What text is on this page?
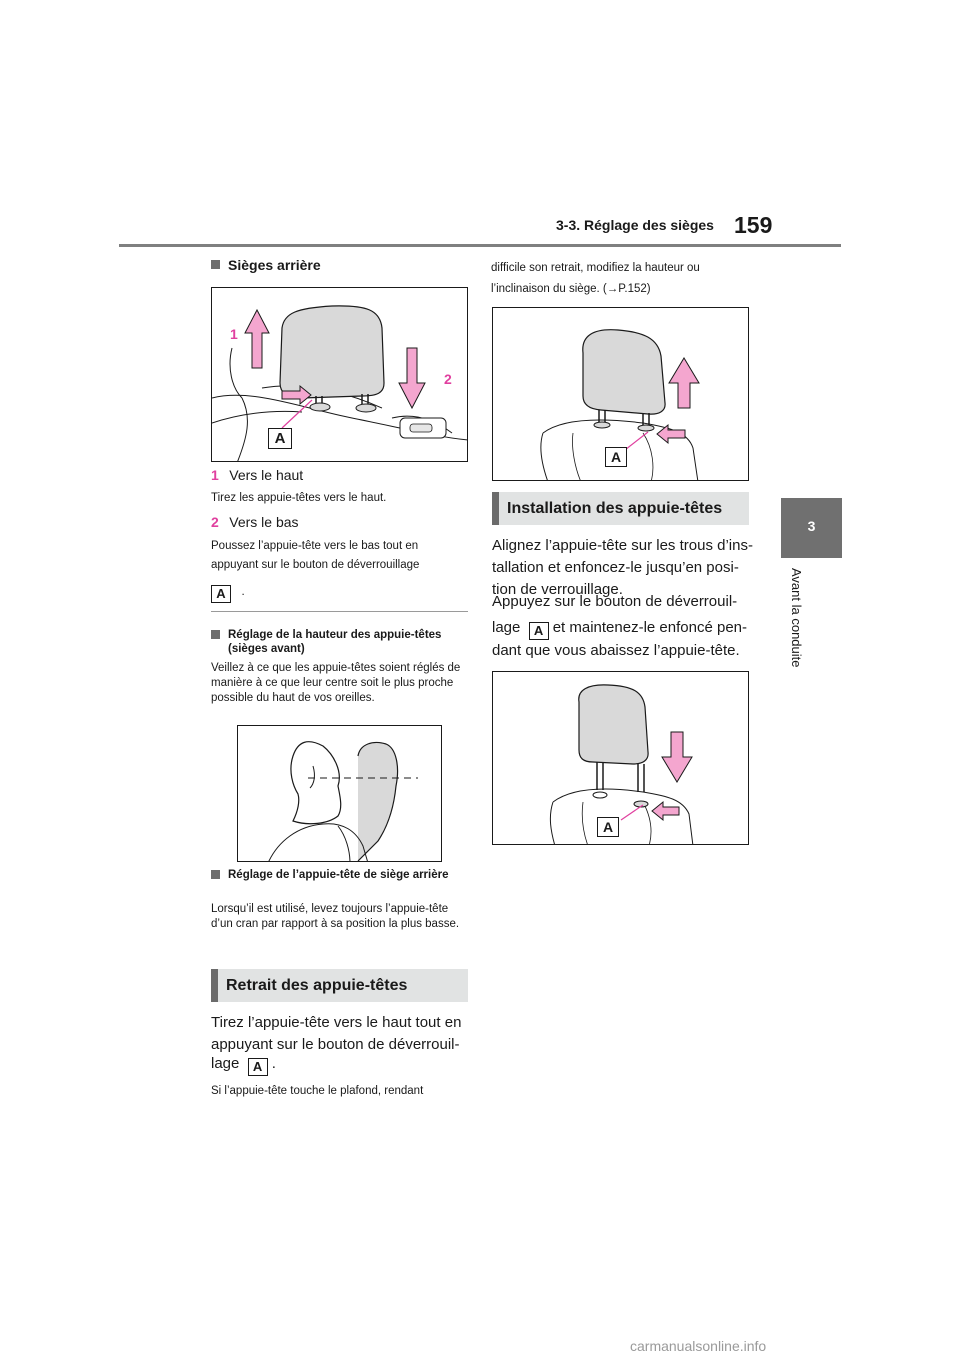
3-3. Réglage des sièges 159
3
Avant la conduite
Sièges arrière
1
2
A
1 Vers le haut
Tirez les appuie-têtes vers le haut.
2 Vers le bas
Poussez l’appuie-tête vers le bas tout en appuyant sur le bouton de déverrouillage
A .
Réglage de la hauteur des appuie-têtes (sièges avant)
Veillez à ce que les appuie-têtes soient réglés de manière à ce que leur centre soit le plus proche possible du haut de vos oreilles.
Réglage de l’appuie-tête de siège arrière
Lorsqu’il est utilisé, levez toujours l’appuie-tête d’un cran par rapport à sa position la plus basse.
Retrait des appuie-têtes
Tirez l’appuie-tête vers le haut tout en appuyant sur le bouton de déverrouil-
lage A .
Si l’appuie-tête touche le plafond, rendant
difficile son retrait, modifiez la hauteur ou l’inclinaison du siège. (→P.152)
A
Installation des appuie-têtes
Alignez l’appuie-tête sur les trous d’ins-tallation et enfoncez-le jusqu’en posi-tion de verrouillage.
Appuyez sur le bouton de déverrouil-
lage A et maintenez-le enfoncé pen-dant que vous abaissez l’appuie-tête.
A
carmanualsonline.info
